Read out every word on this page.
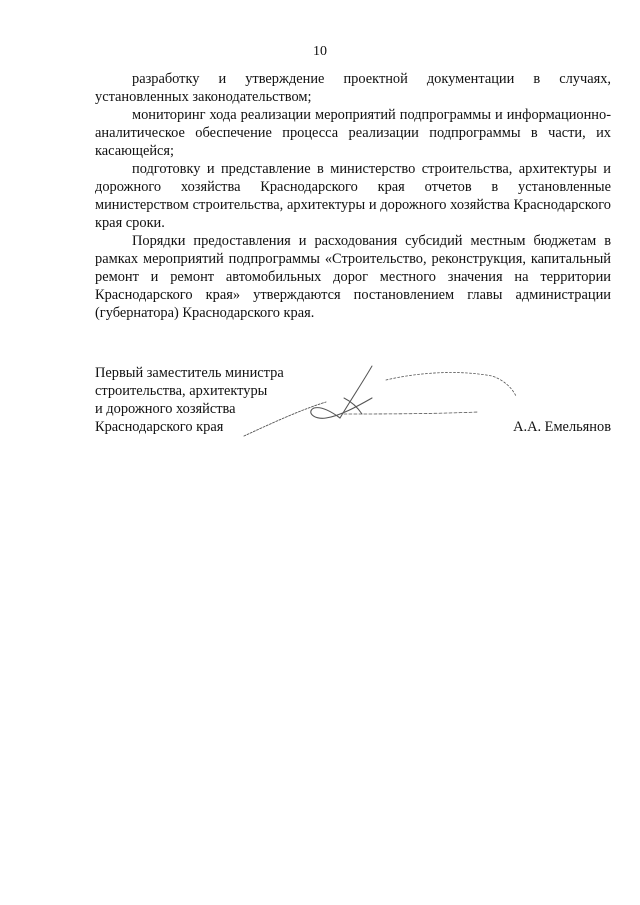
10

разработку и утверждение проектной документации в случаях, установленных законодательством;

мониторинг хода реализации мероприятий подпрограммы и информационно-аналитическое обеспечение процесса реализации подпрограммы в части, их касающейся;

подготовку и представление в министерство строительства, архитектуры и дорожного хозяйства Краснодарского края отчетов в установленные министерством строительства, архитектуры и дорожного хозяйства Краснодарского края сроки.

Порядки предоставления и расходования субсидий местным бюджетам в рамках мероприятий подпрограммы «Строительство, реконструкция, капитальный ремонт и ремонт автомобильных дорог местного значения на территории Краснодарского края» утверждаются постановлением главы администрации (губернатора) Краснодарского края.

Первый заместитель министра
строительства, архитектуры
и дорожного хозяйства
Краснодарского края	А.А. Емельянов
